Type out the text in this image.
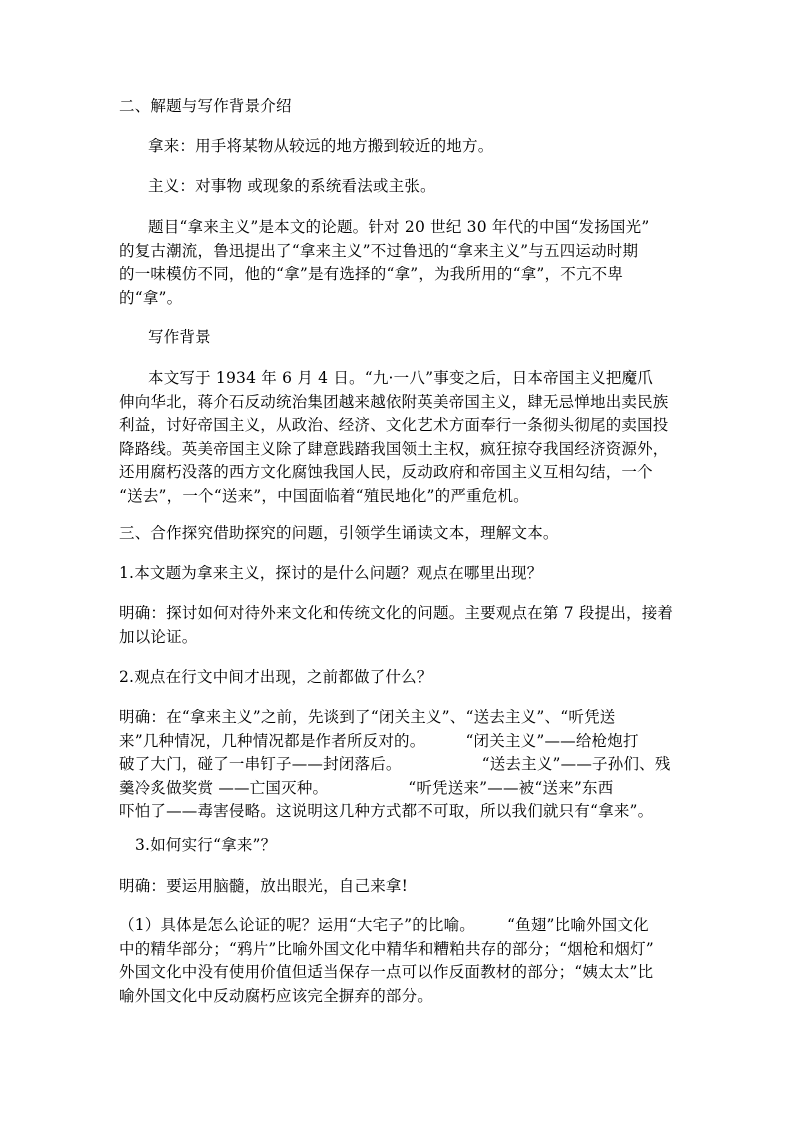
二、解题与写作背景介绍
拿来：用手将某物从较远的地方搬到较近的地方。
主义：对事物 或现象的系统看法或主张。
题目“拿来主义”是本文的论题。针对 20 世纪 30 年代的中国“发扬国光”
的复古潮流，鲁迅提出了“拿来主义”不过鲁迅的“拿来主义”与五四运动时期
的一味模仿不同，他的“拿”是有选择的“拿”，为我所用的“拿”，不亢不卑
的“拿”。
写作背景
本文写于 1934 年 6 月 4 日。“九·一八”事变之后，日本帝国主义把魔爪
伸向华北，蒋介石反动统治集团越来越依附英美帝国主义，肆无忌惮地出卖民族
利益，讨好帝国主义，从政治、经济、文化艺术方面奉行一条彻头彻尾的卖国投
降路线。英美帝国主义除了肆意践踏我国领土主权，疯狂掠夺我国经济资源外，
还用腐朽没落的西方文化腐蚀我国人民，反动政府和帝国主义互相勾结，一个
“送去”，一个“送来”，中国面临着“殖民地化”的严重危机。
三、合作探究借助探究的问题，引领学生诵读文本，理解文本。
1.本文题为拿来主义，探讨的是什么问题？观点在哪里出现？
明确：探讨如何对待外来文化和传统文化的问题。主要观点在第 7 段提出，接着
加以论证。
2.观点在行文中间才出现，之前都做了什么？
明确：在“拿来主义”之前，先谈到了“闭关主义”、“送去主义”、“听凭送
来”几种情况，几种情况都是作者所反对的。	“闭关主义”——给枪炮打
破了大门，碰了一串钉子——封闭落后。	“送去主义”——子孙们、残
羹冷炙做奖赏 ——亡国灭种。	“听凭送来”——被“送来”东西
吓怕了——毒害侵略。这说明这几种方式都不可取，所以我们就只有“拿来”。
3.如何实行“拿来”？
明确：要运用脑髓，放出眼光，自己来拿!
（1）具体是怎么论证的呢？运用“大宅子”的比喻。 “鱼翅”比喻外国文化
中的精华部分；“鸦片”比喻外国文化中精华和糟粕共存的部分；“烟枪和烟灯”
外国文化中没有使用价值但适当保存一点可以作反面教材的部分；“姨太太”比
喻外国文化中反动腐朽应该完全摒弃的部分。
